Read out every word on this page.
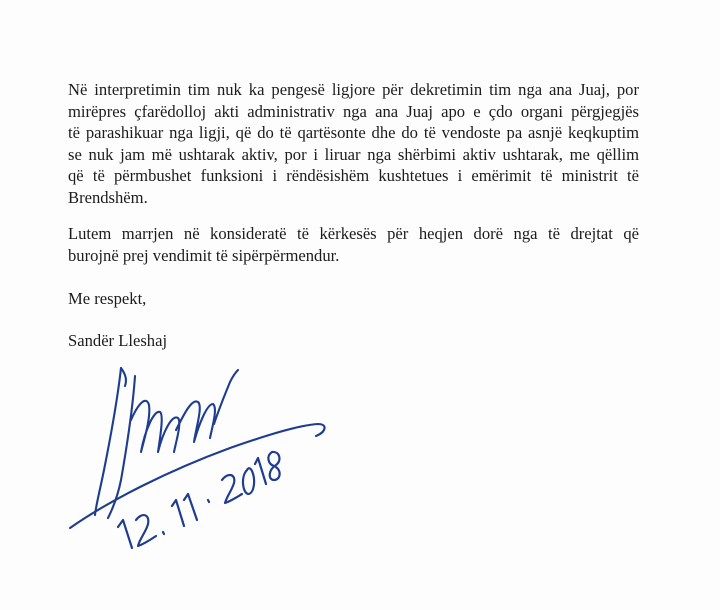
Në interpretimin tim nuk ka pengesë ligjore për dekretimin tim nga ana Juaj, por
mirëpres çfarëdolloj akti administrativ nga ana Juaj apo e çdo organi përgjegjës
të parashikuar nga ligji, që do të qartësonte dhe do të vendoste pa asnjë keqkuptim
se nuk jam më ushtarak aktiv, por i liruar nga shërbimi aktiv ushtarak, me qëllim
që të përmbushet funksioni i rëndësishëm kushtetues i emërimit të ministrit të
Brendshëm.
Lutem marrjen në konsideratë të kërkesës për heqjen dorë nga të drejtat që
burojnë prej vendimit të sipërpërmendur.
Me respekt,
Sandër Lleshaj
